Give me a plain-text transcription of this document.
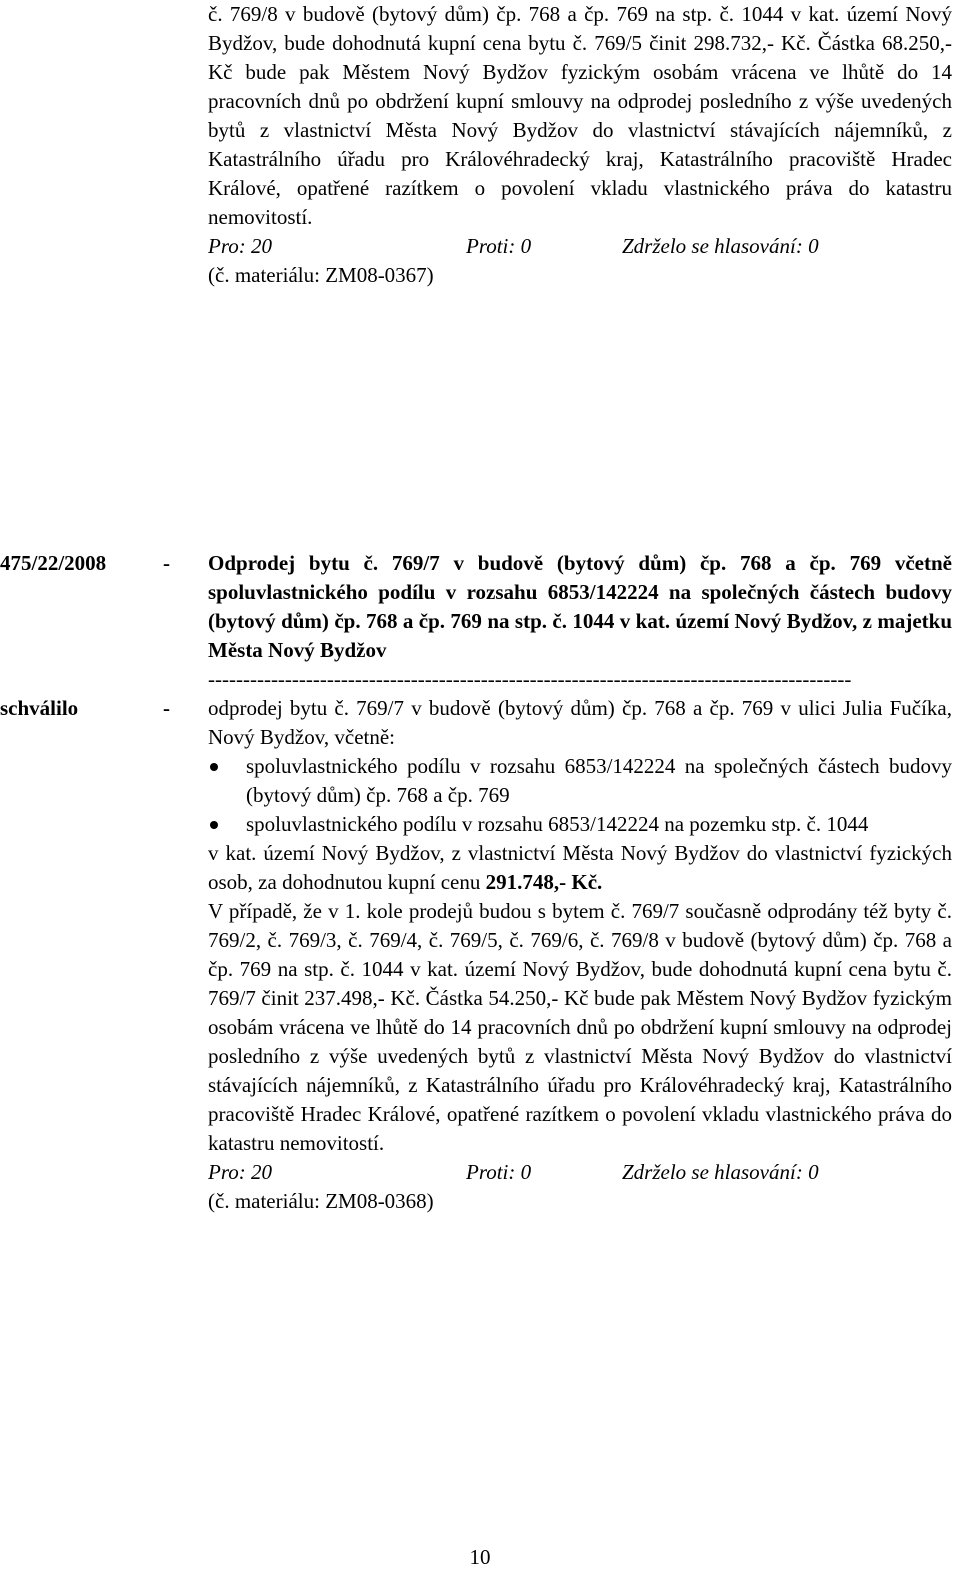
č. 769/8 v budově (bytový dům) čp. 768 a čp. 769 na stp. č. 1044 v kat. území Nový Bydžov, bude dohodnutá kupní cena bytu č. 769/5 činit 298.732,- Kč. Částka 68.250,- Kč bude pak Městem Nový Bydžov fyzickým osobám vrácena ve lhůtě do 14 pracovních dnů po obdržení kupní smlouvy na odprodej posledního z výše uvedených bytů z vlastnictví Města Nový Bydžov do vlastnictví stávajících nájemníků, z Katastrálního úřadu pro Královéhradecký kraj, Katastrálního pracoviště Hradec Králové, opatřené razítkem o povolení vkladu vlastnického práva do katastru nemovitostí.
Pro: 20	Proti: 0	Zdrželo se hlasování: 0
(č. materiálu: ZM08-0367)
475/22/2008	- Odprodej bytu č. 769/7 v budově (bytový dům) čp. 768 a čp. 769 včetně spoluvlastnického podílu v rozsahu 6853/142224 na společných částech budovy (bytový dům) čp. 768 a čp. 769 na stp. č. 1044 v kat. území Nový Bydžov, z majetku Města Nový Bydžov
--------------------------------------------------------------------------------------------
schválilo	- odprodej bytu č. 769/7 v budově (bytový dům) čp. 768 a čp. 769 v ulici Julia Fučíka, Nový Bydžov, včetně:
spoluvlastnického podílu v rozsahu 6853/142224 na společných částech budovy (bytový dům) čp. 768 a čp. 769
spoluvlastnického podílu v rozsahu 6853/142224 na pozemku stp. č. 1044
v kat. území Nový Bydžov, z vlastnictví Města Nový Bydžov do vlastnictví fyzických osob, za dohodnutou kupní cenu 291.748,- Kč.
V případě, že v 1. kole prodejů budou s bytem č. 769/7 současně odprodány též byty č. 769/2, č. 769/3, č. 769/4, č. 769/5, č. 769/6, č. 769/8 v budově (bytový dům) čp. 768 a čp. 769 na stp. č. 1044 v kat. území Nový Bydžov, bude dohodnutá kupní cena bytu č. 769/7 činit 237.498,- Kč. Částka 54.250,- Kč bude pak Městem Nový Bydžov fyzickým osobám vrácena ve lhůtě do 14 pracovních dnů po obdržení kupní smlouvy na odprodej posledního z výše uvedených bytů z vlastnictví Města Nový Bydžov do vlastnictví stávajících nájemníků, z Katastrálního úřadu pro Královéhradecký kraj, Katastrálního pracoviště Hradec Králové, opatřené razítkem o povolení vkladu vlastnického práva do katastru nemovitostí.
Pro: 20	Proti: 0	Zdrželo se hlasování: 0
(č. materiálu: ZM08-0368)
10
